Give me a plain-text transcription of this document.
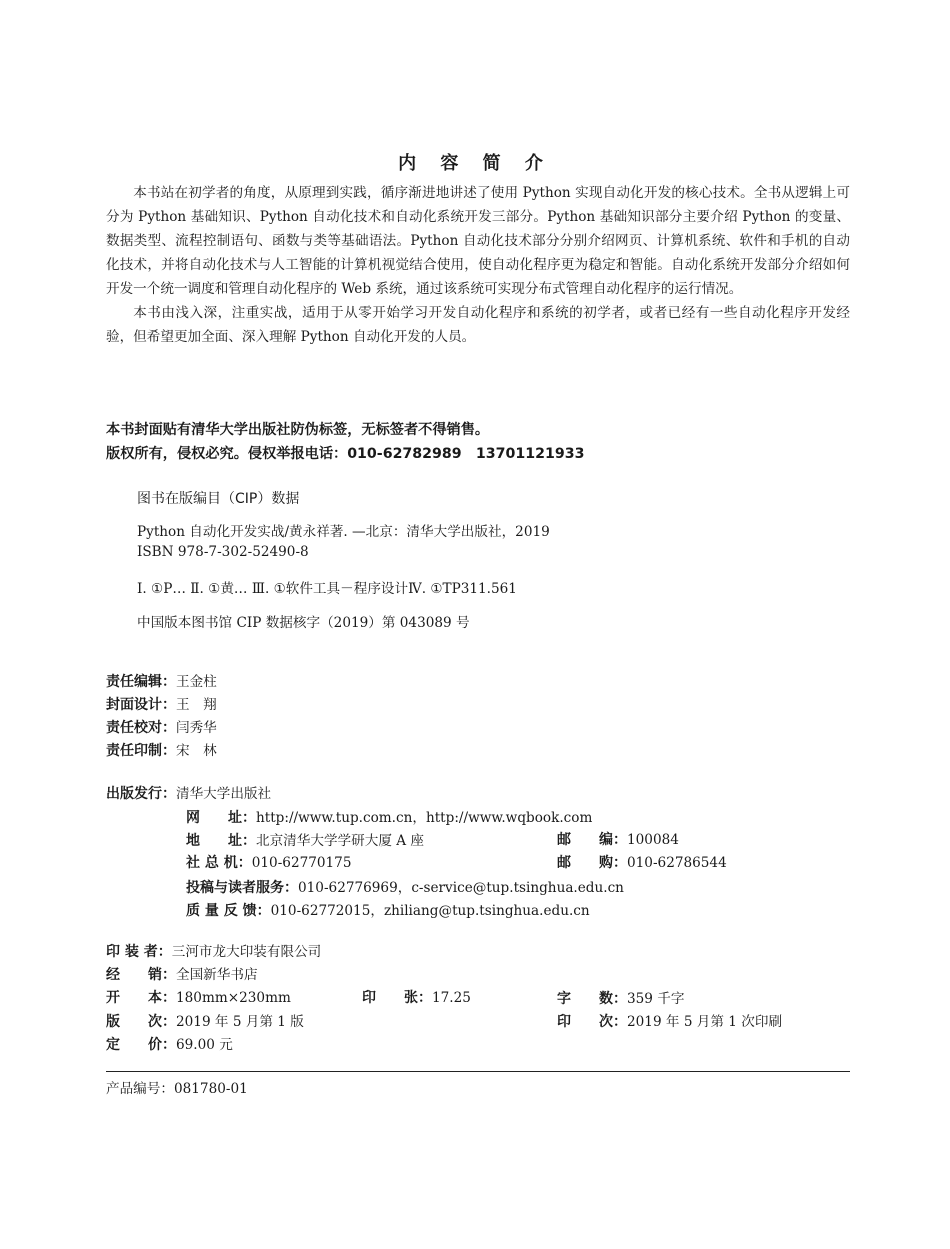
内 容 简 介

本书站在初学者的角度，从原理到实践，循序渐进地讲述了使用 Python 实现自动化开发的核心技术。全书从逻辑上可分为 Python 基础知识、Python 自动化技术和自动化系统开发三部分。Python 基础知识部分主要介绍 Python 的变量、数据类型、流程控制语句、函数与类等基础语法。Python 自动化技术部分分别介绍网页、计算机系统、软件和手机的自动化技术，并将自动化技术与人工智能的计算机视觉结合使用，使自动化程序更为稳定和智能。自动化系统开发部分介绍如何开发一个统一调度和管理自动化程序的 Web 系统，通过该系统可实现分布式管理自动化程序的运行情况。

本书由浅入深，注重实战，适用于从零开始学习开发自动化程序和系统的初学者，或者已经有一些自动化程序开发经验，但希望更加全面、深入理解 Python 自动化开发的人员。

本书封面贴有清华大学出版社防伪标签，无标签者不得销售。
版权所有，侵权必究。侵权举报电话：010-62782989　13701121933
图书在版编目（CIP）数据
Python 自动化开发实战/黄永祥著. —北京：清华大学出版社，2019
ISBN 978-7-302-52490-8
Ⅰ. ①P… Ⅱ. ①黄… Ⅲ. ①软件工具－程序设计Ⅳ. ①TP311.561
中国版本图书馆 CIP 数据核字（2019）第 043089 号
责任编辑：王金柱
封面设计：王　翔
责任校对：闫秀华
责任印制：宋　林
出版发行：清华大学出版社
网　　址：http://www.tup.com.cn，http://www.wqbook.com
地　　址：北京清华大学学研大厦 A 座	邮　　编：100084
社 总 机：010-62770175	邮　　购：010-62786544
投稿与读者服务：010-62776969，c-service@tup.tsinghua.edu.cn
质 量 反 馈：010-62772015，zhiliang@tup.tsinghua.edu.cn
印 装 者：三河市龙大印装有限公司
经　　销：全国新华书店
开　　本：180mm×230mm	印　　张：17.25	字　　数：359 千字
版　　次：2019 年 5 月第 1 版	印　　次：2019 年 5 月第 1 次印刷
定　　价：69.00 元
产品编号：081780-01
